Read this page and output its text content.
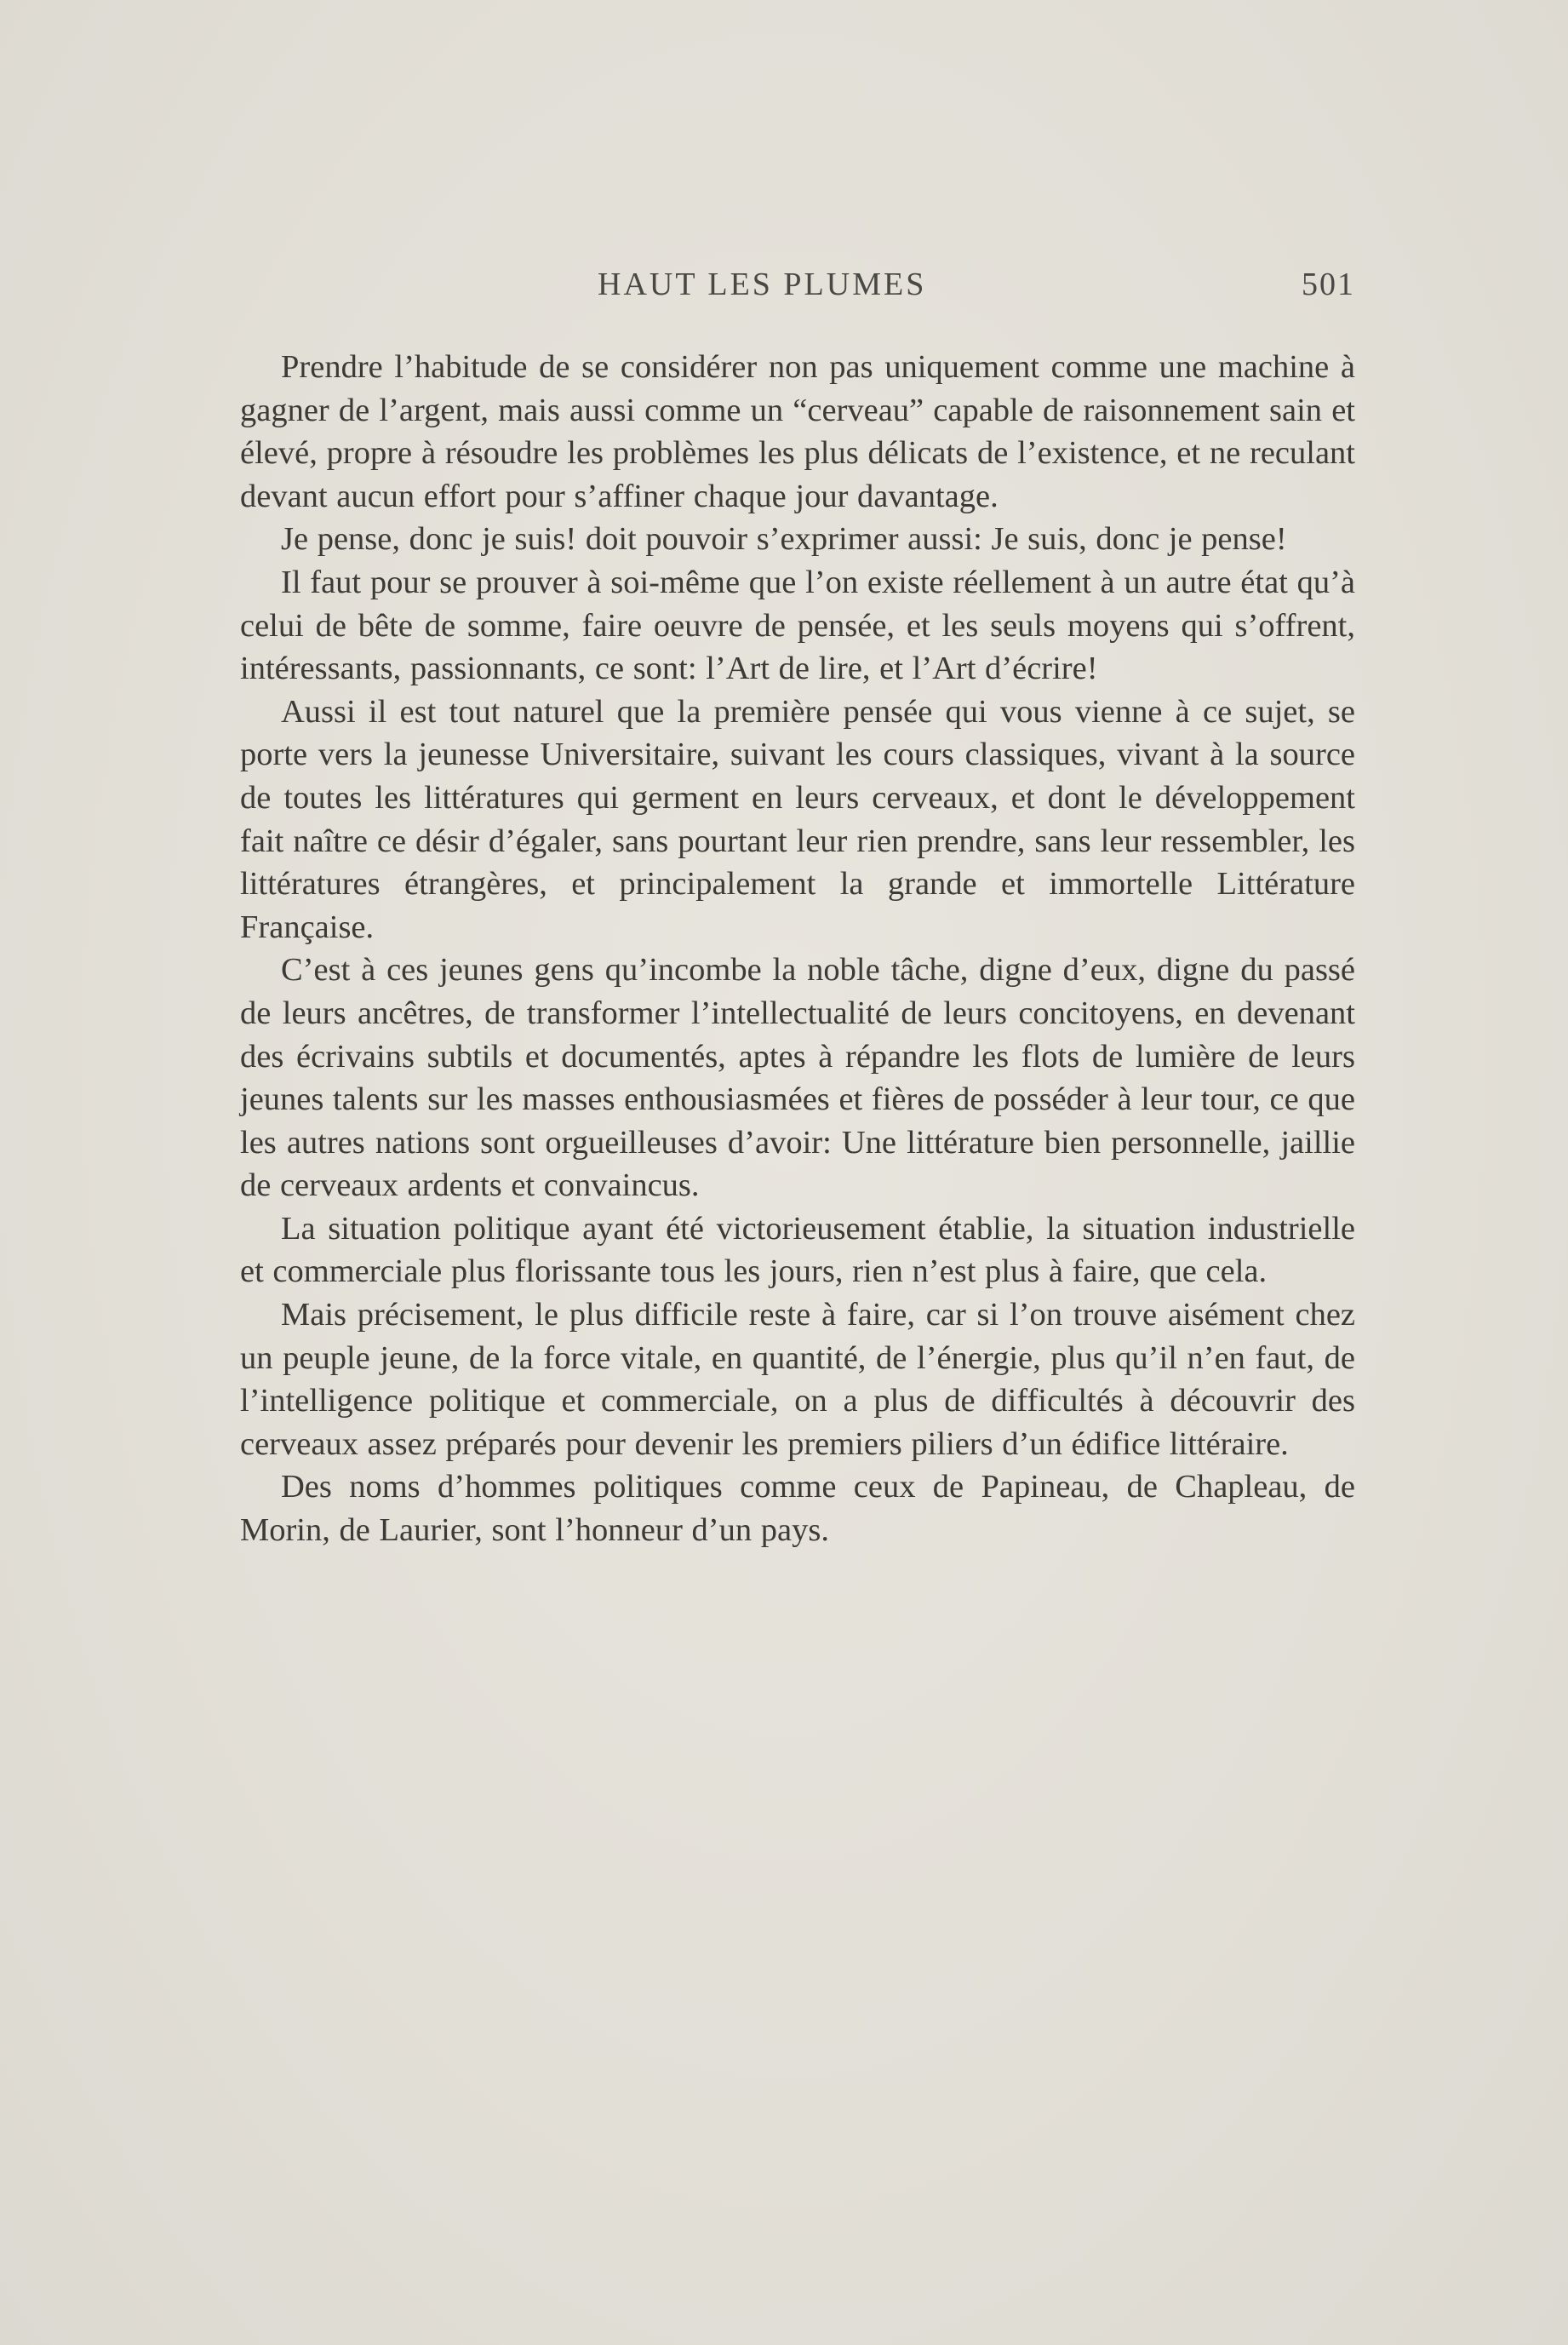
HAUT LES PLUMES	501

Prendre l’habitude de se considérer non pas uniquement comme une machine à gagner de l’argent, mais aussi comme un “cerveau” capable de raisonnement sain et élevé, propre à résoudre les problèmes les plus délicats de l’existence, et ne reculant devant aucun effort pour s’affiner chaque jour davantage.

Je pense, donc je suis! doit pouvoir s’exprimer aussi: Je suis, donc je pense!

Il faut pour se prouver à soi-même que l’on existe réellement à un autre état qu’à celui de bête de somme, faire oeuvre de pensée, et les seuls moyens qui s’offrent, intéressants, passionnants, ce sont: l’Art de lire, et l’Art d’écrire!

Aussi il est tout naturel que la première pensée qui vous vienne à ce sujet, se porte vers la jeunesse Universitaire, suivant les cours classiques, vivant à la source de toutes les littératures qui germent en leurs cerveaux, et dont le développement fait naître ce désir d’égaler, sans pourtant leur rien prendre, sans leur ressembler, les littératures étrangères, et principalement la grande et immortelle Littérature Française.

C’est à ces jeunes gens qu’incombe la noble tâche, digne d’eux, digne du passé de leurs ancêtres, de transformer l’intellectualité de leurs concitoyens, en devenant des écrivains subtils et documentés, aptes à répandre les flots de lumière de leurs jeunes talents sur les masses enthousiasmées et fières de posséder à leur tour, ce que les autres nations sont orgueilleuses d’avoir: Une littérature bien personnelle, jaillie de cerveaux ardents et convaincus.

La situation politique ayant été victorieusement établie, la situation industrielle et commerciale plus florissante tous les jours, rien n’est plus à faire, que cela.

Mais précisement, le plus difficile reste à faire, car si l’on trouve aisément chez un peuple jeune, de la force vitale, en quantité, de l’énergie, plus qu’il n’en faut, de l’intelligence politique et commerciale, on a plus de difficultés à découvrir des cerveaux assez préparés pour devenir les premiers piliers d’un édifice littéraire.

Des noms d’hommes politiques comme ceux de Papineau, de Chapleau, de Morin, de Laurier, sont l’honneur d’un pays.
